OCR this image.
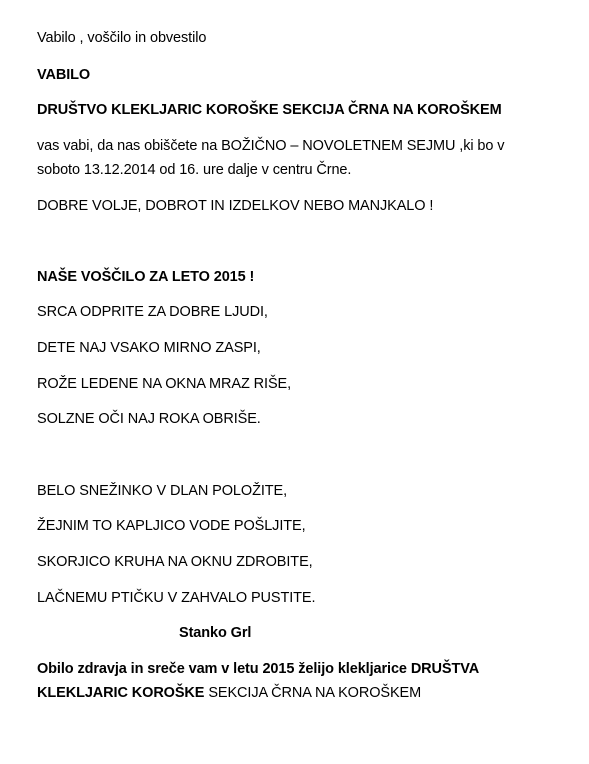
Vabilo , voščilo in obvestilo
VABILO
DRUŠTVO KLEKLJARIC KOROŠKE SEKCIJA ČRNA NA KOROŠKEM
vas vabi, da nas obiščete na BOŽIČNO – NOVOLETNEM SEJMU ,ki bo v soboto 13.12.2014 od 16. ure dalje v centru Črne.
DOBRE VOLJE, DOBROT IN IZDELKOV NEBO MANJKALO !
NAŠE VOŠČILO ZA LETO 2015 !
SRCA ODPRITE ZA DOBRE LJUDI,
DETE NAJ VSAKO MIRNO ZASPI,
ROŽE LEDENE NA OKNA MRAZ RIŠE,
SOLZNE OČI NAJ ROKA OBRIŠE.
BELO SNEŽINKO V DLAN POLOŽITE,
ŽEJNIM TO KAPLJICO VODE POŠLJITE,
SKORJICO KRUHA NA OKNU ZDROBITE,
LAČNEMU PTIČKU V ZAHVALO PUSTITE.
Stanko Grl
Obilo zdravja in sreče vam v letu 2015 želijo klekljarice DRUŠTVA KLEKLJARIC KOROŠKE SEKCIJA ČRNA NA KOROŠKEM
